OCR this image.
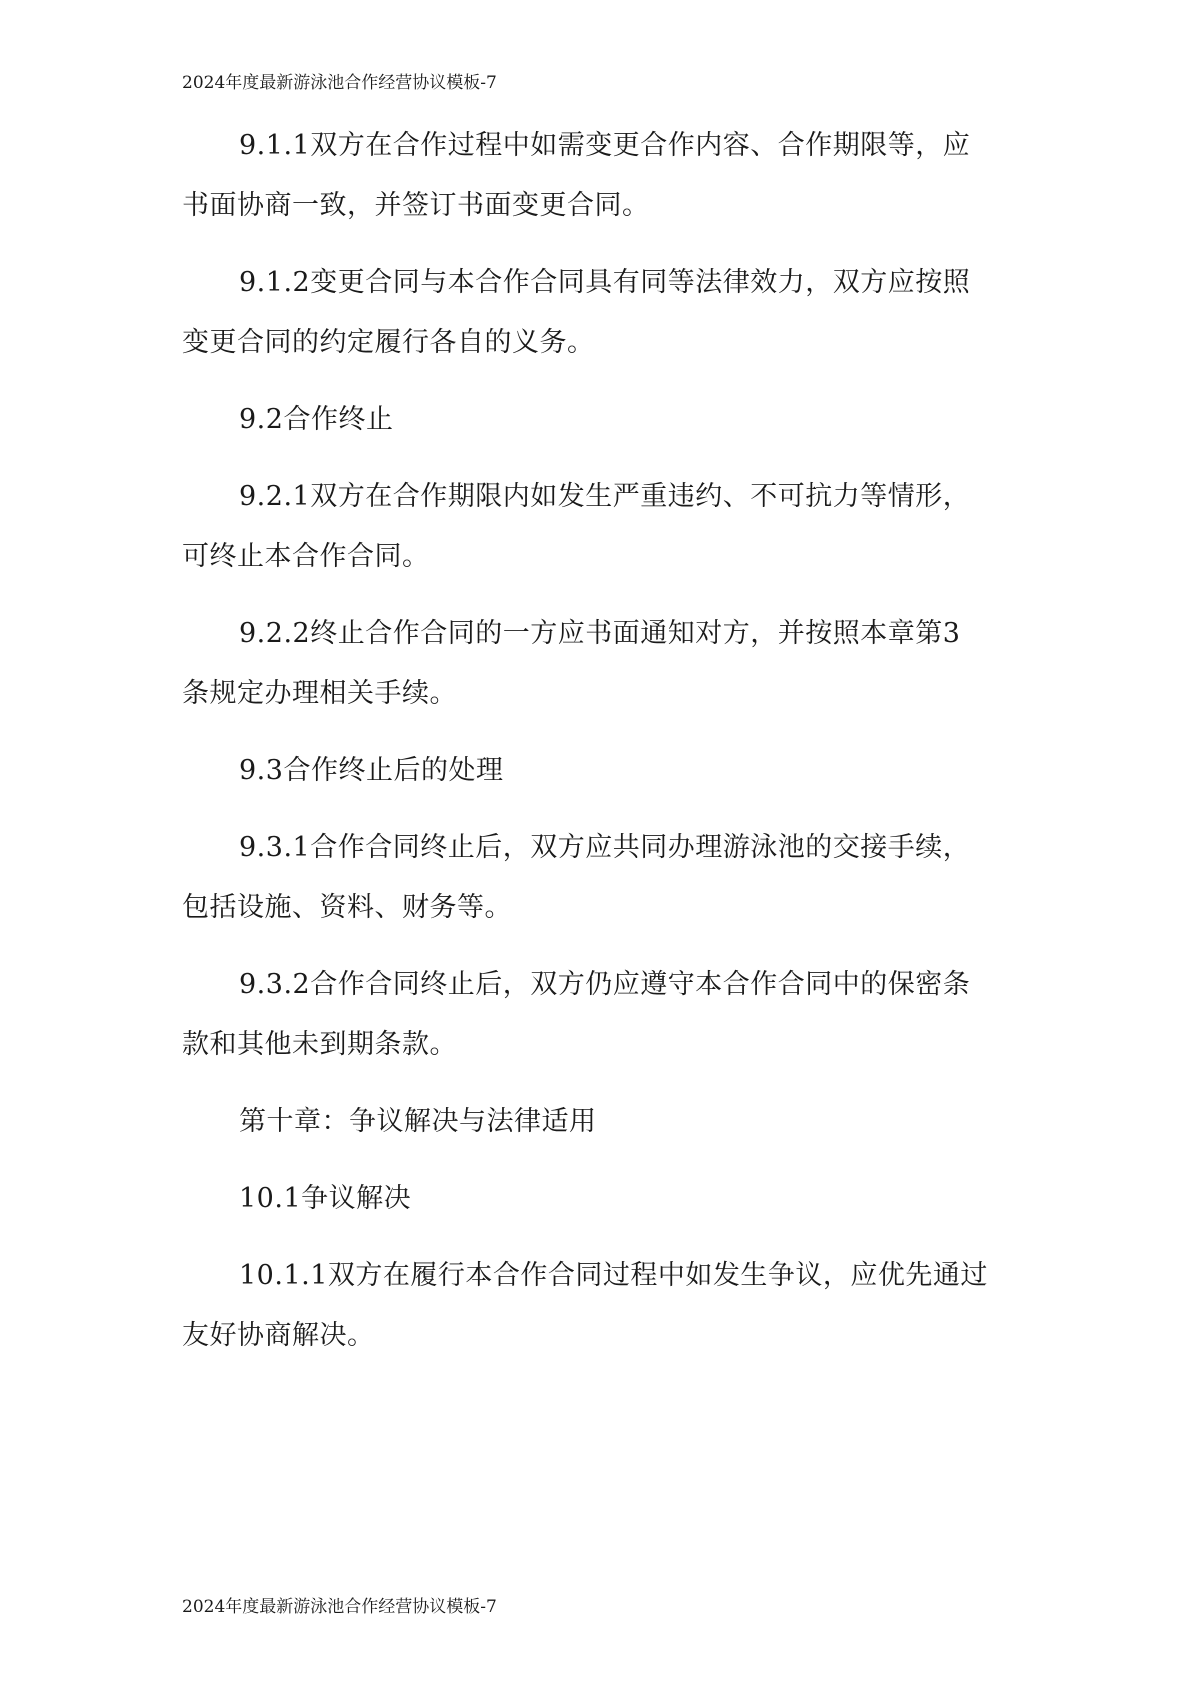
2024年度最新游泳池合作经营协议模板-7
9.1.1双方在合作过程中如需变更合作内容、合作期限等，应
书面协商一致，并签订书面变更合同。
9.1.2变更合同与本合作合同具有同等法律效力，双方应按照
变更合同的约定履行各自的义务。
9.2合作终止
9.2.1双方在合作期限内如发生严重违约、不可抗力等情形，
可终止本合作合同。
9.2.2终止合作合同的一方应书面通知对方，并按照本章第3
条规定办理相关手续。
9.3合作终止后的处理
9.3.1合作合同终止后，双方应共同办理游泳池的交接手续，
包括设施、资料、财务等。
9.3.2合作合同终止后，双方仍应遵守本合作合同中的保密条
款和其他未到期条款。
第十章：争议解决与法律适用
10.1争议解决
10.1.1双方在履行本合作合同过程中如发生争议，应优先通过
友好协商解决。
2024年度最新游泳池合作经营协议模板-7
